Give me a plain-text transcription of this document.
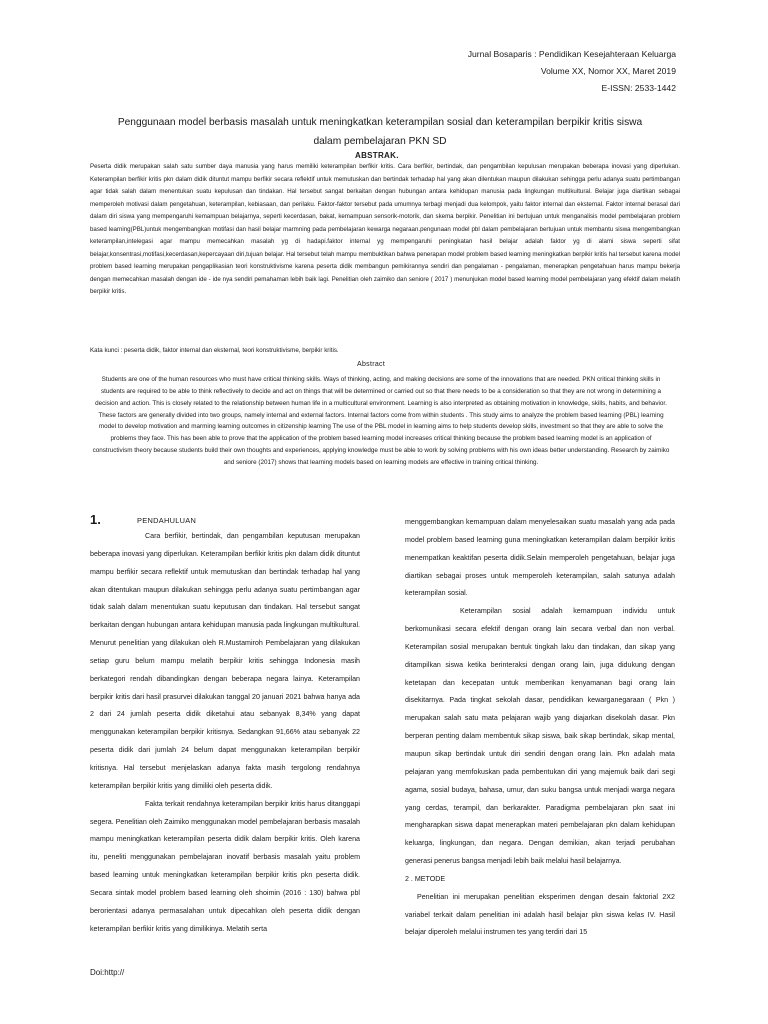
Jurnal Bosaparis : Pendidikan Kesejahteraan Keluarga
Volume XX, Nomor XX, Maret 2019
E-ISSN: 2533-1442
Penggunaan model berbasis masalah untuk meningkatkan keterampilan sosial dan keterampilan berpikir kritis siswa dalam pembelajaran PKN SD
ABSTRAK.

Peserta didik merupakan salah satu sumber daya manusia yang harus memiliki keterampilan berfikir kritis. Cara berfikir, bertindak, dan pengambilan kepulusan merupakan beberapa inovasi yang diperlukan. Keterampilan berfikir kritis pkn dalam didik dituntut mampu berfikir secara reflektif untuk memutuskan dan bertindak terhadap hal yang akan dilentukan maupun dilakukan sehingga perlu adanya suatu pertimbangan agar tidak salah dalam menentukan suatu kepulusan dan tindakan. Hal tersebut sangat berkaitan dengan hubungan antara kehidupan manusia pada lingkungan multikultural. Belajar juga diartikan sebagai memperoleh motivasi dalam pengetahuan, keterampilan, kebiasaan, dan perilaku. Faktor-faktor tersebut pada umumnya terbagi menjadi dua kelompok, yaitu faktor internal dan eksternal. Faktor internal berasal dari dalam diri siswa yang mempengaruhi kemampuan belajarnya, seperti kecerdasan, bakat, kemampuan sensorik-motorik, dan skema berpikir. Penelitian ini bertujuan untuk menganalisis model pembelajaran problem based learning(PBL)untuk mengembangkan motifasi dan hasil belajar marmning pada pembelajaran kewarga negaraan.pengunaan model pbl dalam pembelajaran bertujuan untuk membantu siswa mengembangkan keterampilan,intelegasi agar mampu memecahkan masalah yg di hadapi.faktor internal yg mempengaruhi peningkatan hasil belajar adalah faktor yg di alami siswa seperti sifat belajar,konsentrasi,motifasi,kecerdasan,kepercayaan diri,tujuan belajar. Hal tersebut telah mampu membuktikan bahwa penerapan model problem based learning meningkatkan berpikir kritis hal tersebut karena model problem based learning merupakan pengaplikasian teori konstruktivisme karena peserta didik membangun pemikirannya sendiri dan pengalaman - pengalaman, menerapkan pengetahuan harus mampu bekerja dengan memecahkan masalah dengan ide - ide nya sendiri pemahaman lebih baik lagi. Penelitian oleh zaimiko dan seniore ( 2017 ) menunjukan model based learning model pembelajaran yang efektif dalam melatih berpikir kritis.

Kata kunci : peserta didik, faktor internal dan eksternal, teori konstruktivisme, berpikir kritis.
Abstract

Students are one of the human resources who must have critical thinking skills. Ways of thinking, acting, and making decisions are some of the innovations that are needed. PKN critical thinking skills in students are required to be able to think reflectively to decide and act on things that will be determined or carried out so that there needs to be a consideration so that they are not wrong in determining a decision and action. This is closely related to the relationship between human life in a multicultural environment. Learning is also interpreted as obtaining motivation in knowledge, skills, habits, and behavior. These factors are generally divided into two groups, namely internal and external factors. Internal factors come from within students . This study aims to analyze the problem based learning (PBL) learning model to develop motivation and marming learning outcomes in citizenship learning The use of the PBL model in learning aims to help students develop skills, investment so that they are able to solve the problems they face. This has been able to prove that the application of the problem based learning model increases critical thinking because the problem based learning model is an application of constructivism theory because students build their own thoughts and experiences, applying knowledge must be able to work by solving problems with his own ideas better understanding. Research by zaimiko and seniore (2017) shows that learning models based on learning models are effective in training critical thinking.

1.	PENDAHULUAN

Cara berfikir, bertindak, dan pengambilan keputusan merupakan beberapa inovasi yang diperlukan. Keterampilan berfikir kritis pkn dalam didik dituntut mampu berfikir secara reflektif untuk memutuskan dan bertindak terhadap hal yang akan ditentukan maupun dilakukan sehingga perlu adanya suatu pertimbangan agar tidak salah dalam menentukan suatu keputusan dan tindakan. Hal tersebut sangat berkaitan dengan hubungan antara kehidupan manusia pada lingkungan multikultural. Menurut penelitian yang dilakukan oleh R.Mustamiroh Pembelajaran yang dilakukan setiap guru belum mampu melatih berpikir kritis sehingga Indonesia masih berkategori rendah dibandingkan dengan beberapa negara lainya. Keterampilan berpikir kritis dari hasil prasurvei dilakukan tanggal 20 januari 2021 bahwa hanya ada 2 dari 24 jumlah peserta didik diketahui atau sebanyak 8,34% yang dapat menggunakan keterampilan berpikir kritisnya. Sedangkan 91,66% atau sebanyak 22 peserta didik dari jumlah 24 belum dapat menggunakan keterampilan berpikir kritisnya. Hal tersebut menjelaskan adanya fakta masih tergolong rendahnya keterampilan berpikir kritis yang dimiliki oleh peserta didik.

Fakta terkait rendahnya keterampilan berpikir kritis harus ditanggapi segera. Penelitian oleh Zaimiko menggunakan model pembelajaran berbasis masalah mampu meningkatkan keterampilan peserta didik dalam berpikir kritis. Oleh karena itu, peneliti menggunakan pembelajaran inovatif berbasis masalah yaitu problem based learning untuk meningkatkan keterampilan berpikir kritis pkn peserta didik. Secara sintak model problem based learning oleh shoimin (2016 : 130) bahwa pbl berorientasi adanya permasalahan untuk dipecahkan oleh peserta didik dengan keterampilan berfikir kritis yang dimilikinya. Melatih serta

menggembangkan kemampuan dalam menyelesaikan suatu masalah yang ada pada model problem based learning guna meningkatkan keterampilan dalam berpikir kritis menempatkan keaktifan peserta didik.Selain memperoleh pengetahuan, belajar juga diartikan sebagai proses untuk memperoleh keterampilan, salah satunya adalah keterampilan sosial.

Keterampilan sosial adalah kemampuan individu untuk berkomunikasi secara efektif dengan orang lain secara verbal dan non verbal. Keterampilan sosial merupakan bentuk tingkah laku dan tindakan, dan sikap yang ditampilkan siswa ketika berinteraksi dengan orang lain, juga didukung dengan ketetapan dan kecepatan untuk memberikan kenyamanan bagi orang lain disekitarnya. Pada tingkat sekolah dasar, pendidikan kewarganegaraan ( Pkn ) merupakan salah satu mata pelajaran wajib yang diajarkan disekolah dasar. Pkn berperan penting dalam membentuk sikap siswa, baik sikap bertindak, sikap mental, maupun sikap bertindak untuk diri sendiri dengan orang lain. Pkn adalah mata pelajaran yang memfokuskan pada pembentukan diri yang majemuk baik dari segi agama, sosial budaya, bahasa, umur, dan suku bangsa untuk menjadi warga negara yang cerdas, terampil, dan berkarakter. Paradigma pembelajaran pkn saat ini mengharapkan siswa dapat menerapkan materi pembelajaran pkn dalam kehidupan keluarga, lingkungan, dan negara. Dengan demikian, akan terjadi perubahan generasi penerus bangsa menjadi lebih baik melalui hasil belajarnya.

2 . METODE

Penelitian ini merupakan penelitian eksperimen dengan desain faktorial 2X2 variabel terkait dalam penelitian ini adalah hasil belajar pkn siswa kelas IV. Hasil belajar diperoleh melalui instrumen tes yang terdiri dari 15

Doi:http://
